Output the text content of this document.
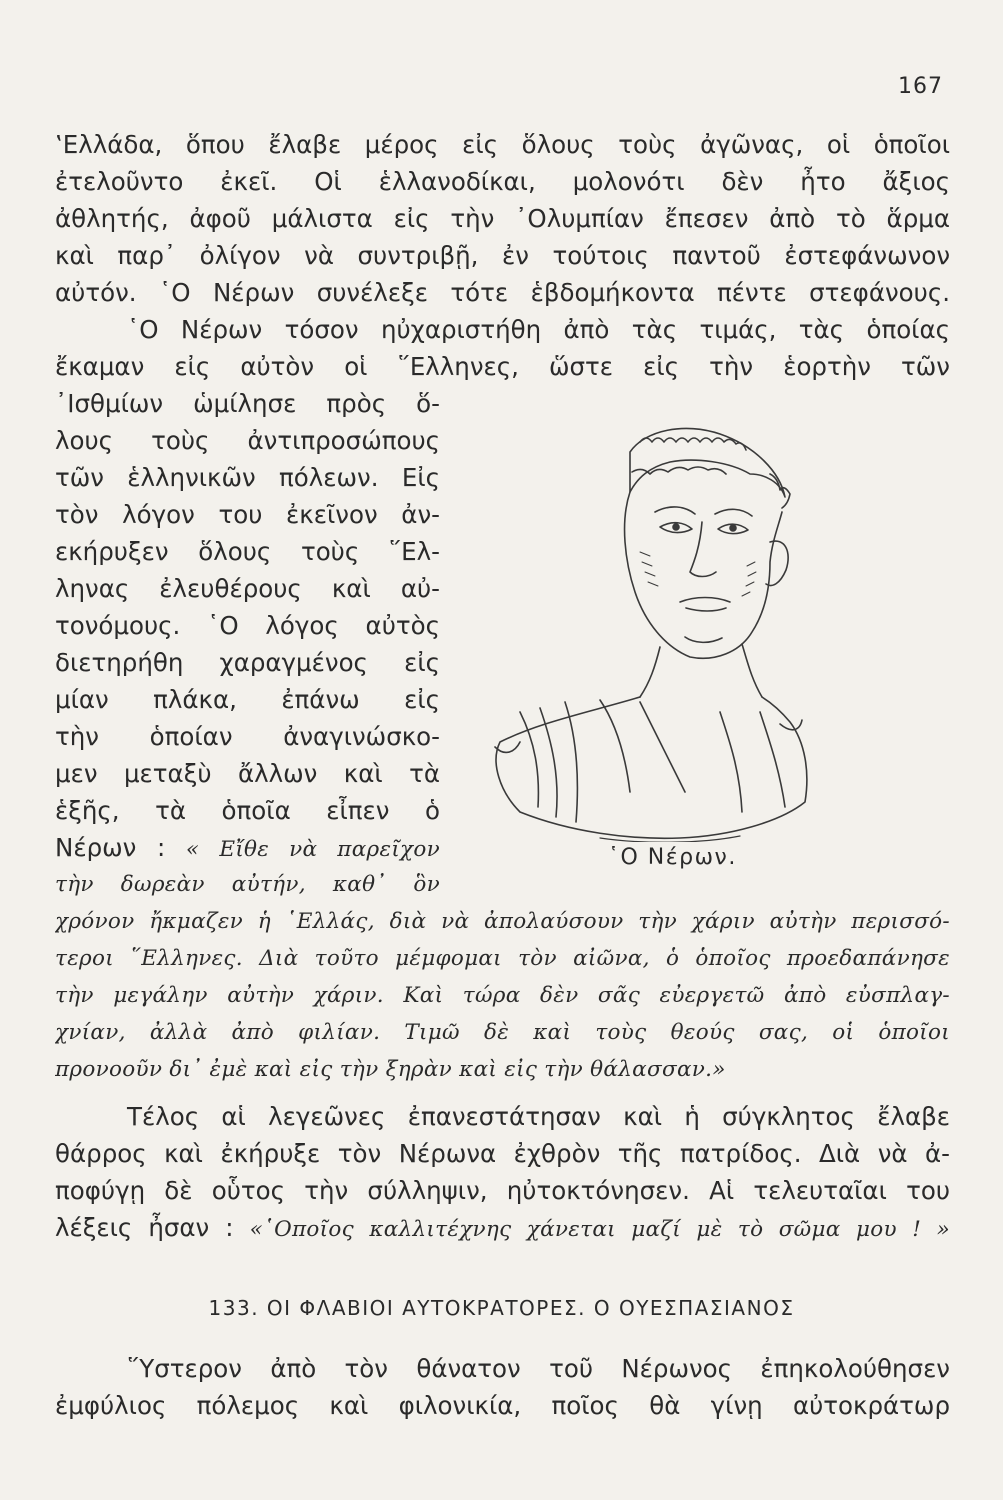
167
‛Ελλάδα, ὅπου ἔλαβε μέρος εἰς ὅλους τοὺς ἀγῶνας, οἱ ὁποῖοι
ἐτελοῦντο ἐκεῖ. Οἱ ἑλλανοδίκαι, μολονότι δὲν ἦτο ἄξιος
ἀθλητής, ἀφοῦ μάλιστα εἰς τὴν ᾿Ολυμπίαν ἔπεσεν ἀπὸ τὸ ἅρμα
καὶ παρ᾿ ὀλίγον νὰ συντριβῇ, ἐν τούτοις παντοῦ ἐστεφάνωνον
αὐτόν. ῾Ο Νέρων συνέλεξε τότε ἑβδομήκοντα πέντε στεφάνους.
῾Ο Νέρων τόσον ηὐχαριστήθη ἀπὸ τὰς τιμάς, τὰς ὁποίας
ἔκαμαν εἰς αὐτὸν οἱ ῞Ελληνες, ὥστε εἰς τὴν ἑορτὴν τῶν
᾿Ισθμίων ὡμίλησε πρὸς ὅ-
λους τοὺς ἀντιπροσώπους
τῶν ἑλληνικῶν πόλεων. Εἰς
τὸν λόγον του ἐκεῖνον ἀν-
εκήρυξεν ὅλους τοὺς ῞Ελ-
ληνας ἐλευθέρους καὶ αὐ-
τονόμους. ῾Ο λόγος αὐτὸς
διετηρήθη χαραγμένος εἰς
μίαν πλάκα, ἐπάνω εἰς
τὴν ὁποίαν ἀναγινώσκο-
μεν μεταξὺ ἄλλων καὶ τὰ
ἑξῆς, τὰ ὁποῖα εἶπεν ὁ
Νέρων : « Εἴθε νὰ παρεῖχον
τὴν δωρεὰν αὐτήν, καθ᾿ ὃν
῾Ο Νέρων.
χρόνον ἤκμαζεν ἡ ῾Ελλάς, διὰ νὰ ἀπολαύσουν τὴν χάριν αὐτὴν περισσό-
τεροι ῞Ελληνες. Διὰ τοῦτο μέμφομαι τὸν αἰῶνα, ὁ ὁποῖος προεδαπάνησε
τὴν μεγάλην αὐτὴν χάριν. Καὶ τώρα δὲν σᾶς εὐεργετῶ ἀπὸ εὐσπλαγ-
χνίαν, ἀλλὰ ἀπὸ φιλίαν. Τιμῶ δὲ καὶ τοὺς θεούς σας, οἱ ὁποῖοι
προνοοῦν δι᾿ ἐμὲ καὶ εἰς τὴν ξηρὰν καὶ εἰς τὴν θάλασσαν.»
Τέλος αἱ λεγεῶνες ἐπανεστάτησαν καὶ ἡ σύγκλητος ἔλαβε
θάρρος καὶ ἐκήρυξε τὸν Νέρωνα ἐχθρὸν τῆς πατρίδος. Διὰ νὰ ἀ-
ποφύγῃ δὲ οὗτος τὴν σύλληψιν, ηὐτοκτόνησεν. Αἱ τελευταῖαι του
λέξεις ἦσαν : «῾Οποῖος καλλιτέχνης χάνεται μαζί μὲ τὸ σῶμα μου ! »
133. ΟΙ ΦΛΑΒΙΟΙ ΑΥΤΟΚΡΑΤΟΡΕΣ. Ο ΟΥΕΣΠΑΣΙΑΝΟΣ
῞Υστερον ἀπὸ τὸν θάνατον τοῦ Νέρωνος ἐπηκολούθησεν
ἐμφύλιος πόλεμος καὶ φιλονικία, ποῖος θὰ γίνῃ αὐτοκράτωρ
